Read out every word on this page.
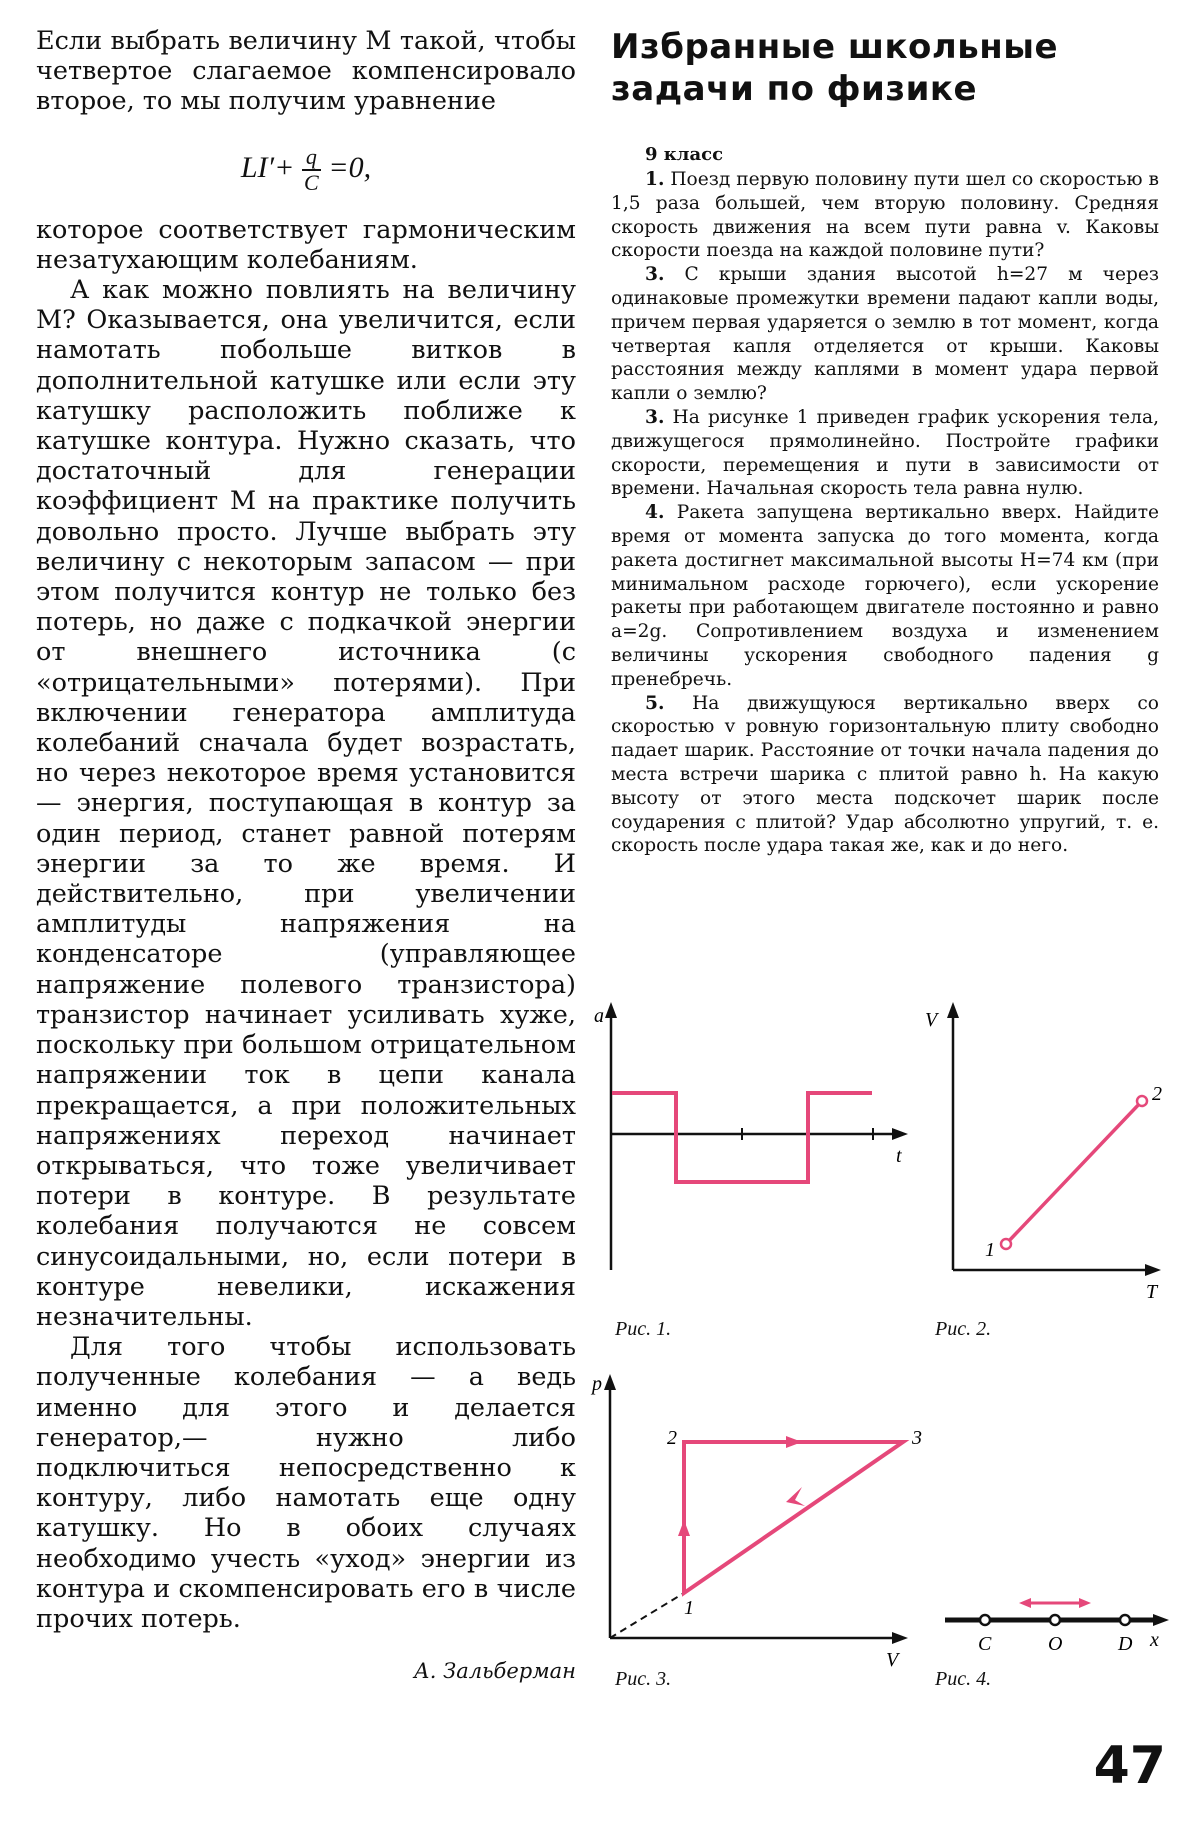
Если выбрать величину M такой, чтобы четвертое слагаемое компенсировало второе, то мы получим уравнение

$LI'+ \frac{q}{C} =0$,

которое соответствует гармоническим незатухающим колебаниям.

А как можно повлиять на величину M? Оказывается, она увеличится, если намотать побольше витков в дополнительной катушке или если эту катушку расположить поближе к катушке контура. Нужно сказать, что достаточный для генерации коэффициент M на практике получить довольно просто. Лучше выбрать эту величину с некоторым запасом — при этом получится контур не только без потерь, но даже с подкачкой энергии от внешнего источника (с «отрицательными» потерями). При включении генератора амплитуда колебаний сначала будет возрастать, но через некоторое время установится — энергия, поступающая в контур за один период, станет равной потерям энергии за то же время. И действительно, при увеличении амплитуды напряжения на конденсаторе (управляющее напряжение полевого транзистора) транзистор начинает усиливать хуже, поскольку при большом отрицательном напряжении ток в цепи канала прекращается, а при положительных напряжениях переход начинает открываться, что тоже увеличивает потери в контуре. В результате колебания получаются не совсем синусоидальными, но, если потери в контуре невелики, искажения незначительны.

Для того чтобы использовать полученные колебания — а ведь именно для этого и делается генератор,— нужно либо подключиться непосредственно к контуру, либо намотать еще одну катушку. Но в обоих случаях необходимо учесть «уход» энергии из контура и скомпенсировать его в числе прочих потерь.

А. Зальберман
Избранные школьные задачи по физике
9 класс

1. Поезд первую половину пути шел со скоростью в 1,5 раза большей, чем вторую половину. Средняя скорость движения на всем пути равна v. Каковы скорости поезда на каждой половине пути?

3. С крыши здания высотой h=27 м через одинаковые промежутки времени падают капли воды, причем первая ударяется о землю в тот момент, когда четвертая капля отделяется от крыши. Каковы расстояния между каплями в момент удара первой капли о землю?

3. На рисунке 1 приведен график ускорения тела, движущегося прямолинейно. Постройте графики скорости, перемещения и пути в зависимости от времени. Начальная скорость тела равна нулю.

4. Ракета запущена вертикально вверх. Найдите время от момента запуска до того момента, когда ракета достигнет максимальной высоты H=74 км (при минимальном расходе горючего), если ускорение ракеты при работающем двигателе постоянно и равно a=2g. Сопротивлением воздуха и изменением величины ускорения свободного падения g пренебречь.

5. На движущуюся вертикально ввеpх со скоростью v ровную горизонтальную плиту свободно падает шарик. Расстояние от точки начала падения до места встречи шарика с плитой равно h. На какую высоту от этого места подскочет шарик после соударения с плитой? Удар абсолютно упругий, т. е. скорость после удара такая же, как и до него.

a
t
Рис. 1.
V
T
1
2
Рис. 2.
p
V
1
2	3
Рис. 3.
C	O	D x
Рис. 4.
47
